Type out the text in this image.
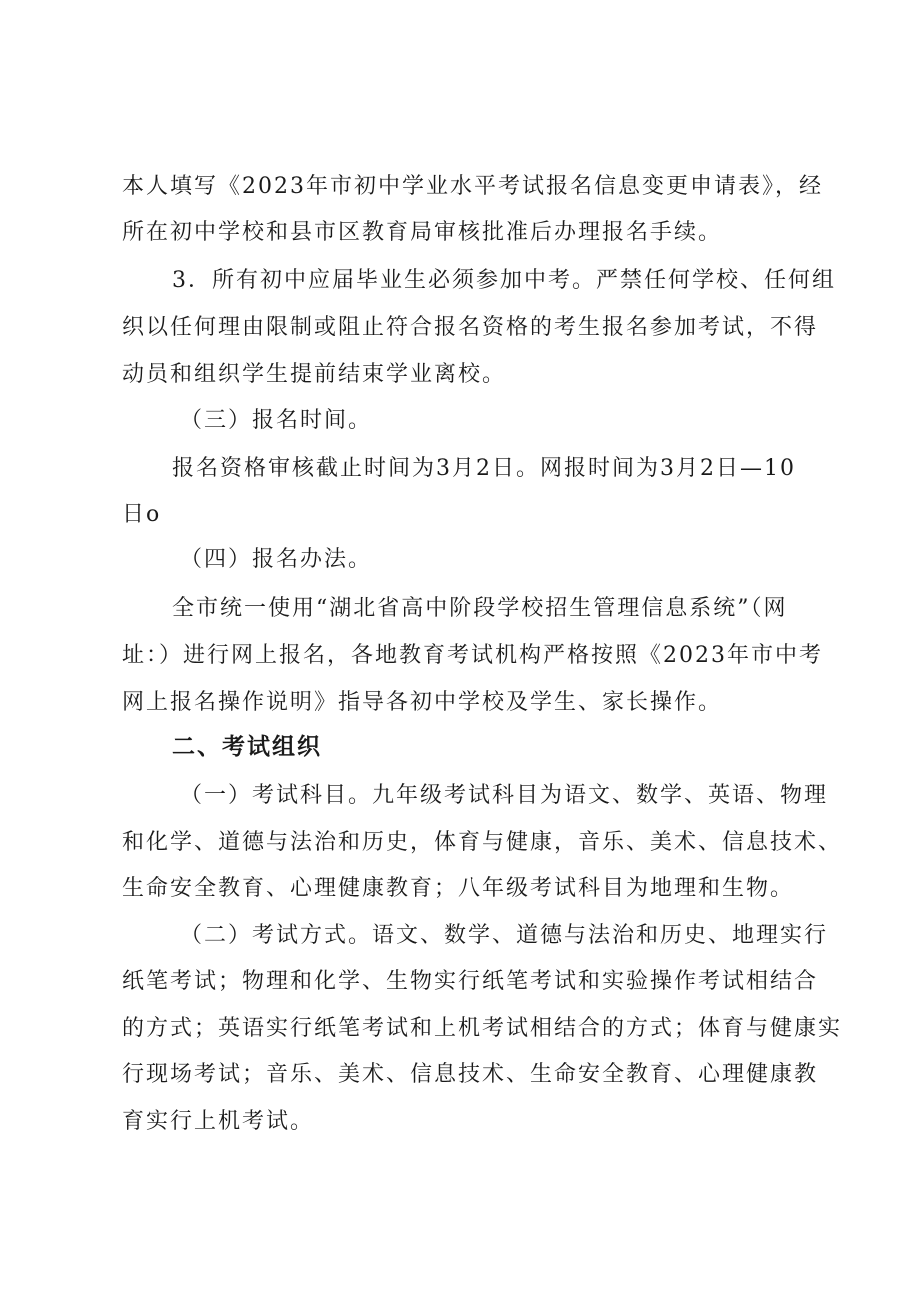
本人填写《2023年市初中学业水平考试报名信息变更申请表》，经
所在初中学校和县市区教育局审核批准后办理报名手续。
3．所有初中应届毕业生必须参加中考。严禁任何学校、任何组
织以任何理由限制或阻止符合报名资格的考生报名参加考试，不得
动员和组织学生提前结束学业离校。
（三）报名时间。
报名资格审核截止时间为3月2日。网报时间为3月2日—10
日o
（四）报名办法。
全市统一使用“湖北省高中阶段学校招生管理信息系统”（网
址：）进行网上报名，各地教育考试机构严格按照《2023年市中考
网上报名操作说明》指导各初中学校及学生、家长操作。
二、考试组织
（一）考试科目。九年级考试科目为语文、数学、英语、物理
和化学、道德与法治和历史，体育与健康，音乐、美术、信息技术、
生命安全教育、心理健康教育；八年级考试科目为地理和生物。
（二）考试方式。语文、数学、道德与法治和历史、地理实行
纸笔考试；物理和化学、生物实行纸笔考试和实验操作考试相结合
的方式；英语实行纸笔考试和上机考试相结合的方式；体育与健康实
行现场考试；音乐、美术、信息技术、生命安全教育、心理健康教
育实行上机考试。
